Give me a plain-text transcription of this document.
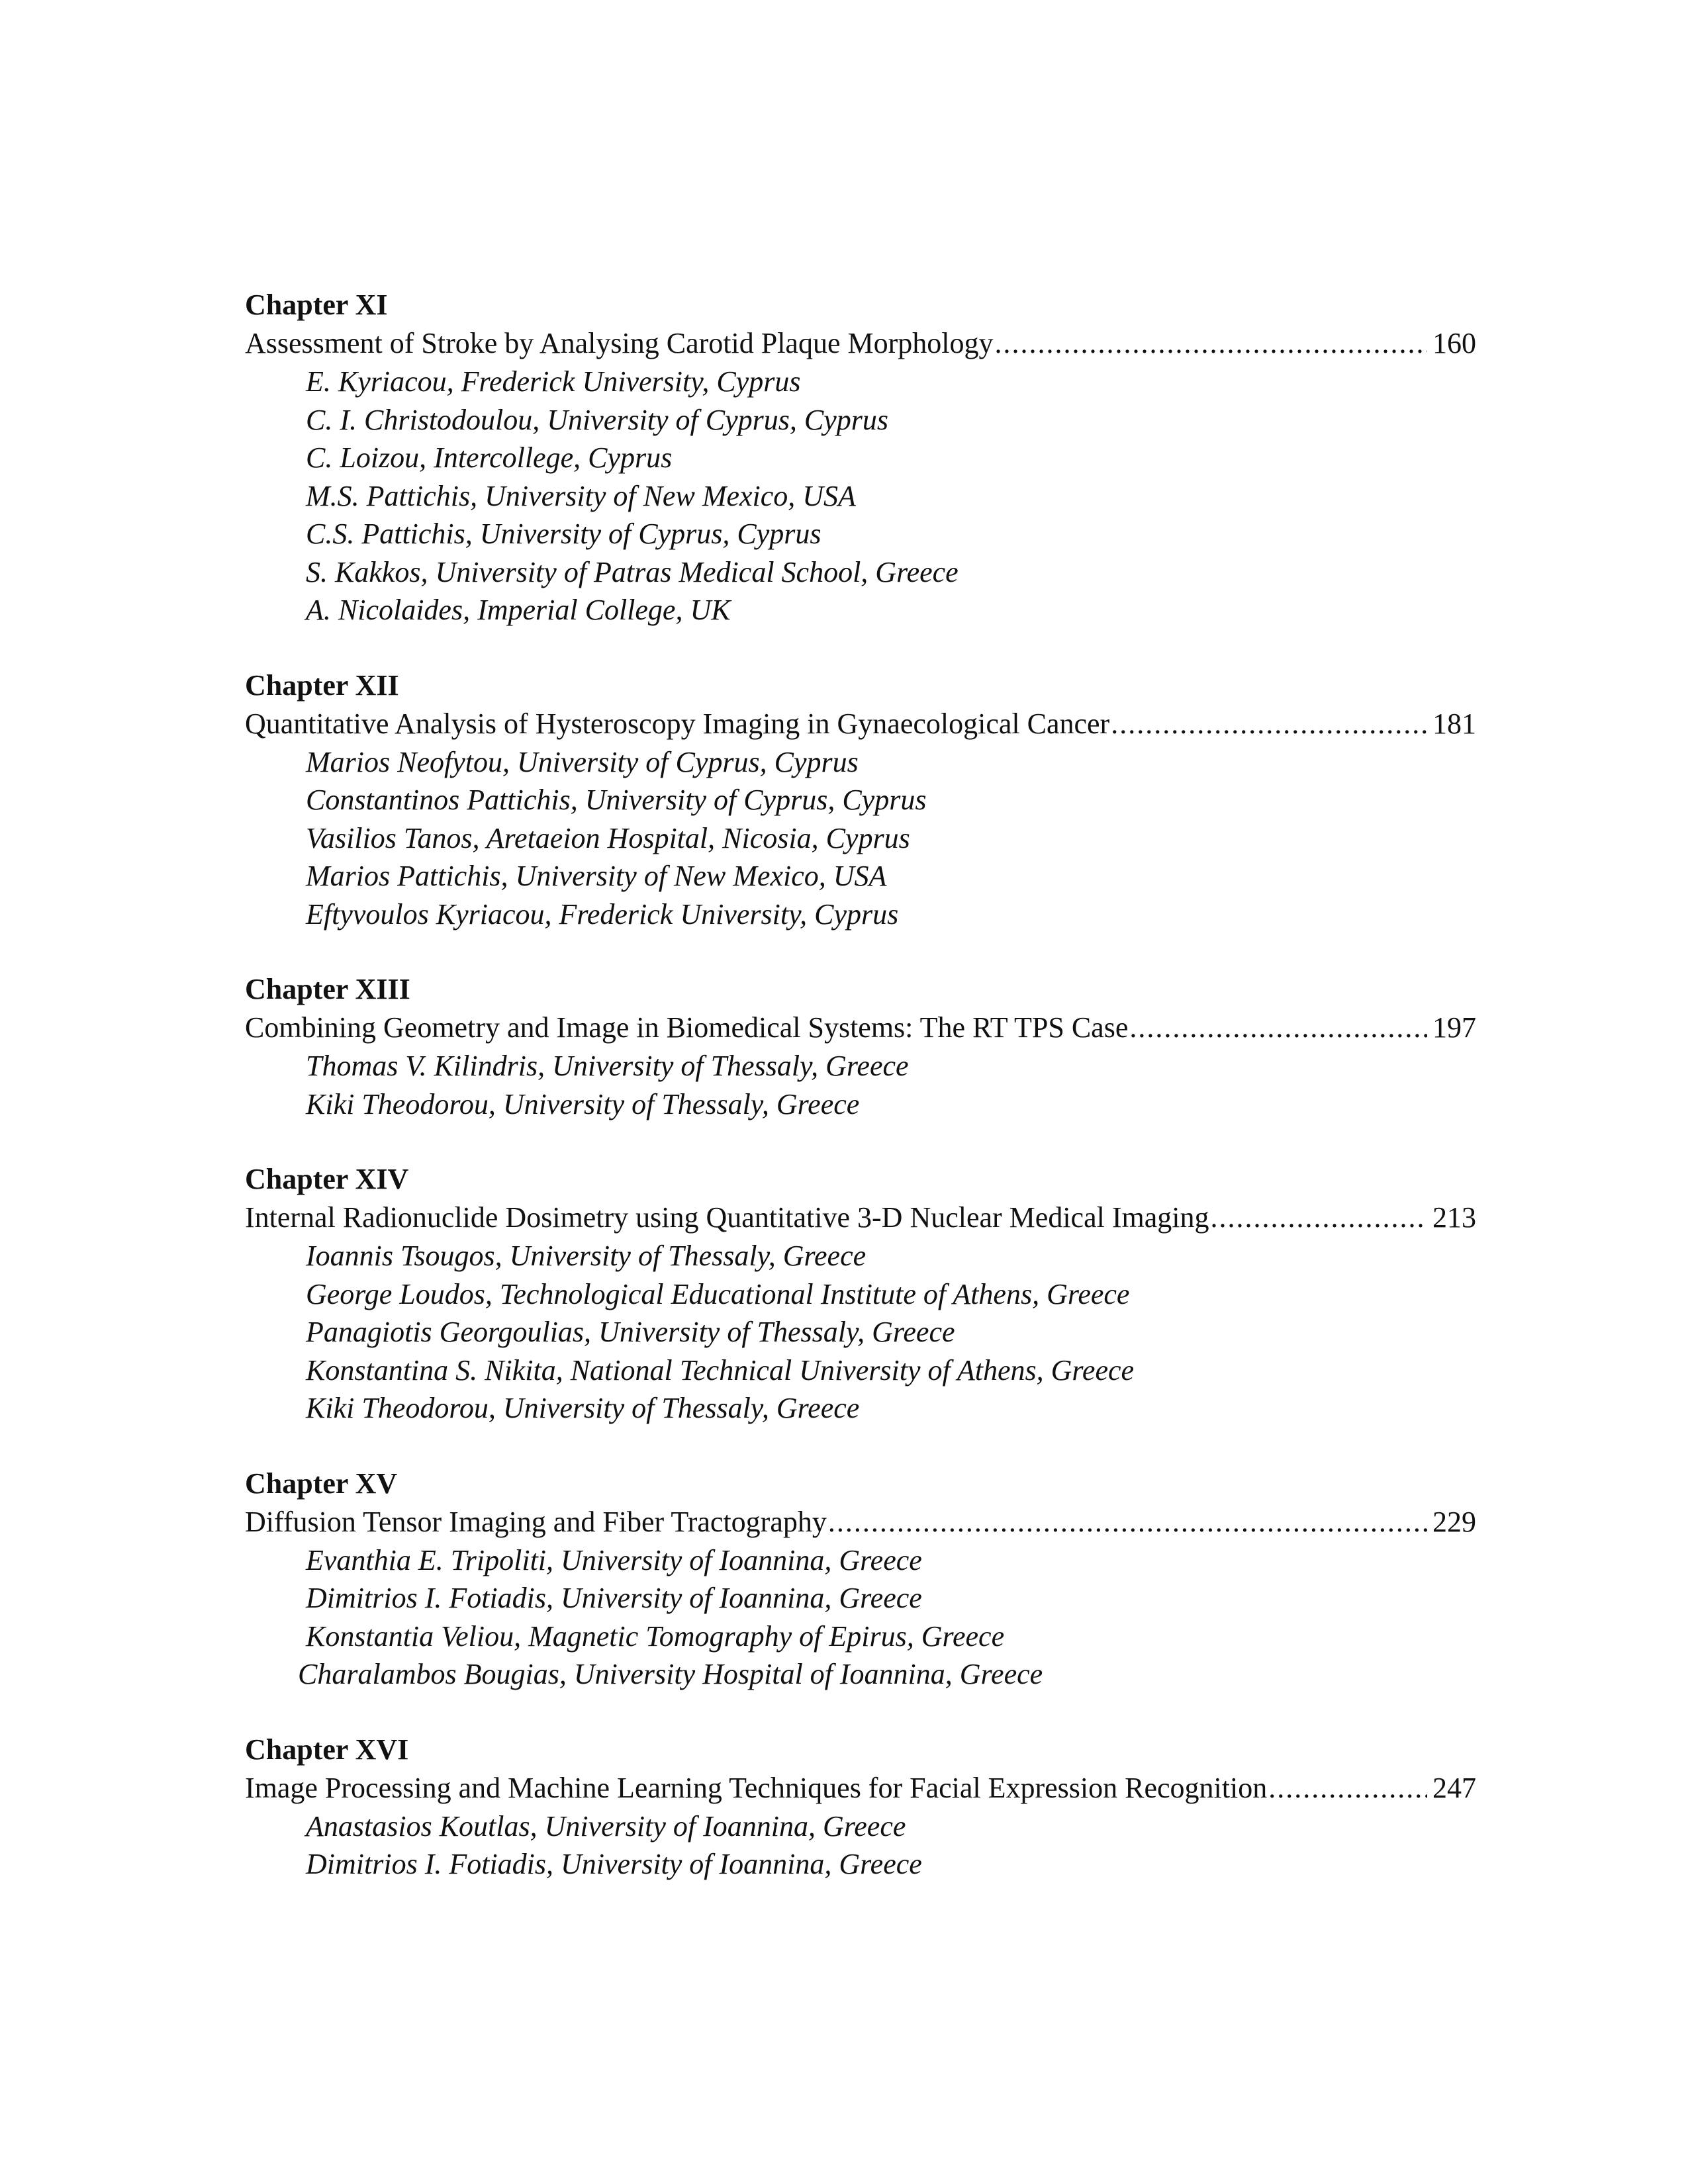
Chapter XI
Assessment of Stroke by Analysing Carotid Plaque Morphology .....	160
E. Kyriacou, Frederick University, Cyprus
C. I. Christodoulou, University of Cyprus, Cyprus
C. Loizou, Intercollege, Cyprus
M.S. Pattichis, University of New Mexico, USA
C.S. Pattichis, University of Cyprus, Cyprus
S. Kakkos, University of Patras Medical School, Greece
A. Nicolaides, Imperial College, UK
Chapter XII
Quantitative Analysis of Hysteroscopy Imaging in Gynaecological Cancer .....	181
Marios Neofytou, University of Cyprus, Cyprus
Constantinos Pattichis, University of Cyprus, Cyprus
Vasilios Tanos, Aretaeion Hospital, Nicosia, Cyprus
Marios Pattichis, University of New Mexico, USA
Eftyvoulos Kyriacou, Frederick University, Cyprus
Chapter XIII
Combining Geometry and Image in Biomedical Systems: The RT TPS Case .....	197
Thomas V. Kilindris, University of Thessaly, Greece
Kiki Theodorou, University of Thessaly, Greece
Chapter XIV
Internal Radionuclide Dosimetry using Quantitative 3-D Nuclear Medical Imaging .....	213
Ioannis Tsougos, University of Thessaly, Greece
George Loudos, Technological Educational Institute of Athens, Greece
Panagiotis Georgoulias, University of Thessaly, Greece
Konstantina S. Nikita, National Technical University of Athens, Greece
Kiki Theodorou, University of Thessaly, Greece
Chapter XV
Diffusion Tensor Imaging and Fiber Tractography .....	229
Evanthia E. Tripoliti, University of Ioannina, Greece
Dimitrios I. Fotiadis, University of Ioannina, Greece
Konstantia Veliou, Magnetic Tomography of Epirus, Greece
Charalambos Bougias, University Hospital of Ioannina, Greece
Chapter XVI
Image Processing and Machine Learning Techniques for Facial Expression Recognition .....	247
Anastasios Koutlas, University of Ioannina, Greece
Dimitrios I. Fotiadis, University of Ioannina, Greece
